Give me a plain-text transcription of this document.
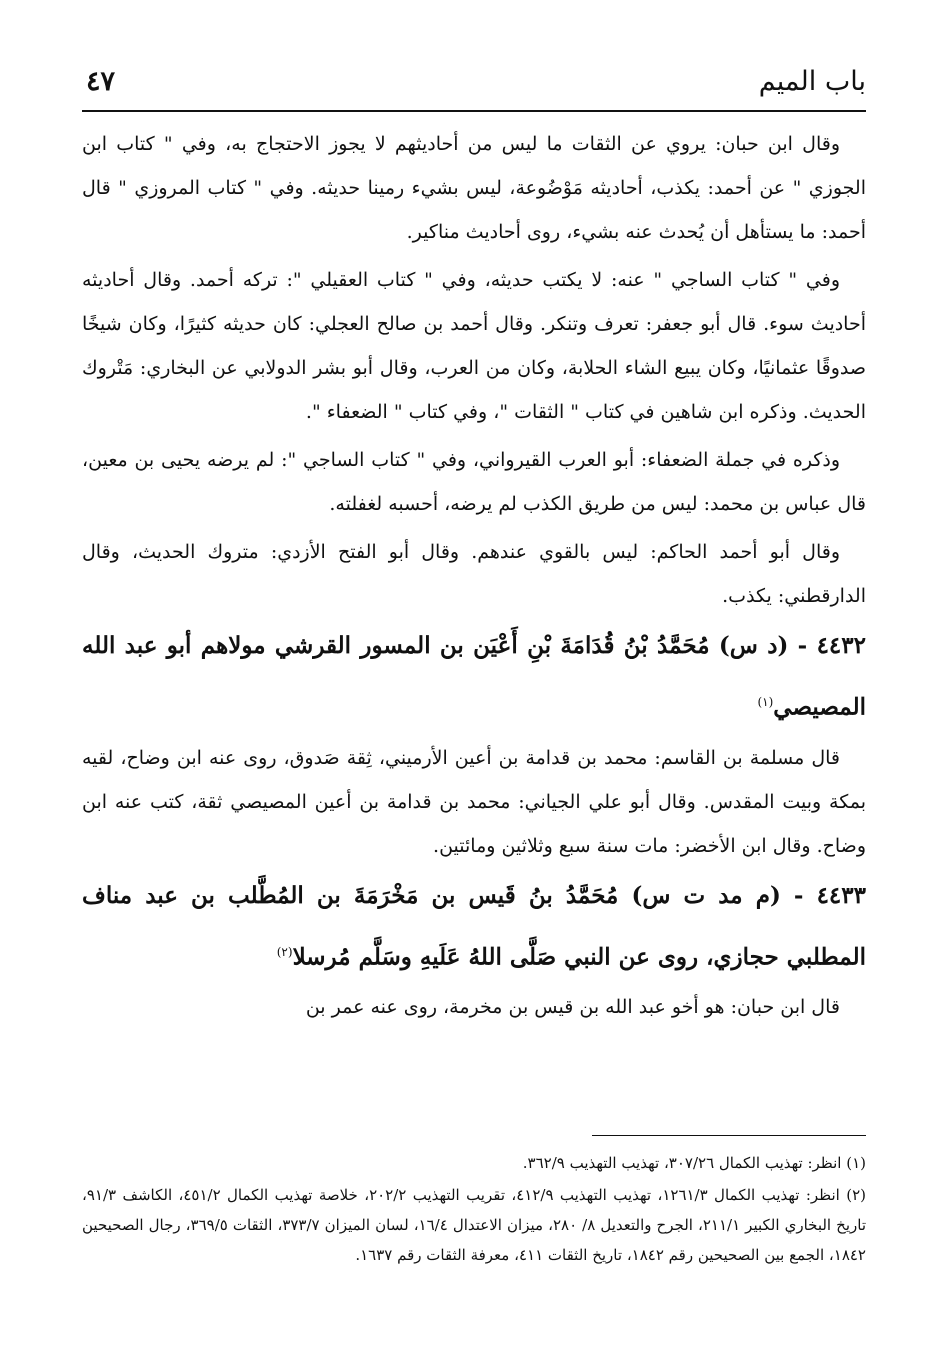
باب الميم
٤٧

وقال ابن حبان: يروي عن الثقات ما ليس من أحاديثهم لا يجوز الاحتجاج به، وفي " كتاب ابن الجوزي " عن أحمد: يكذب، أحاديثه مَوْضُوعة، ليس بشيء رمينا حديثه. وفي " كتاب المروزي " قال أحمد: ما يستأهل أن يُحدث عنه بشيء، روى أحاديث مناكير.

وفي " كتاب الساجي " عنه: لا يكتب حديثه، وفي " كتاب العقيلي ": تركه أحمد. وقال أحاديثه أحاديث سوء. قال أبو جعفر: تعرف وتنكر. وقال أحمد بن صالح العجلي: كان حديثه كثيرًا، وكان شيخًا صدوقًا عثمانيًا، وكان يبيع الشاء الحلابة، وكان من العرب، وقال أبو بشر الدولابي عن البخاري: مَتْروك الحديث. وذكره ابن شاهين في كتاب " الثقات "، وفي كتاب " الضعفاء ".

وذكره في جملة الضعفاء: أبو العرب القيرواني، وفي " كتاب الساجي ": لم يرضه يحيى بن معين، قال عباس بن محمد: ليس من طريق الكذب لم يرضه، أحسبه لغفلته.

وقال أبو أحمد الحاكم: ليس بالقوي عندهم. وقال أبو الفتح الأزدي: متروك الحديث، وقال الدارقطني: يكذب.

٤٤٣٢ - (د س) مُحَمَّدُ بْنُ قُدَامَةَ بْنِ أَعْيَن بن المسور القرشي مولاهم أبو عبد الله المصيصي$^{(١)}$

قال مسلمة بن القاسم: محمد بن قدامة بن أعين الأرميني، ثِقة صَدوق، روى عنه ابن وضاح، لقيه بمكة وبيت المقدس. وقال أبو علي الجياني: محمد بن قدامة بن أعين المصيصي ثقة، كتب عنه ابن وضاح. وقال ابن الأخضر: مات سنة سبع وثلاثين ومائتين.

٤٤٣٣ - (م مد ت س) مُحَمَّدُ بنُ قَيس بن مَخْرَمَةَ بن المُطَّلب بن عبد مناف المطلبي حجازي، روى عن النبي صَلَّى اللهُ عَلَيهِ وسَلَّم مُرسلا$^{(٢)}$

قال ابن حبان: هو أخو عبد الله بن قيس بن مخرمة، روى عنه عمر بن

(١) انظر: تهذيب الكمال ٣٠٧/٢٦، تهذيب التهذيب ٣٦٢/٩.

(٢) انظر: تهذيب الكمال ١٢٦١/٣، تهذيب التهذيب ٤١٢/٩، تقريب التهذيب ٢٠٢/٢، خلاصة تهذيب الكمال ٤٥١/٢، الكاشف ٩١/٣، تاريخ البخاري الكبير ٢١١/١، الجرح والتعديل ٨/ ٢٨٠، ميزان الاعتدال ١٦/٤، لسان الميزان ٣٧٣/٧، الثقات ٣٦٩/٥، رجال الصحيحين ١٨٤٢، الجمع بين الصحيحين رقم ١٨٤٢، تاريخ الثقات ٤١١، معرفة الثقات رقم ١٦٣٧.
